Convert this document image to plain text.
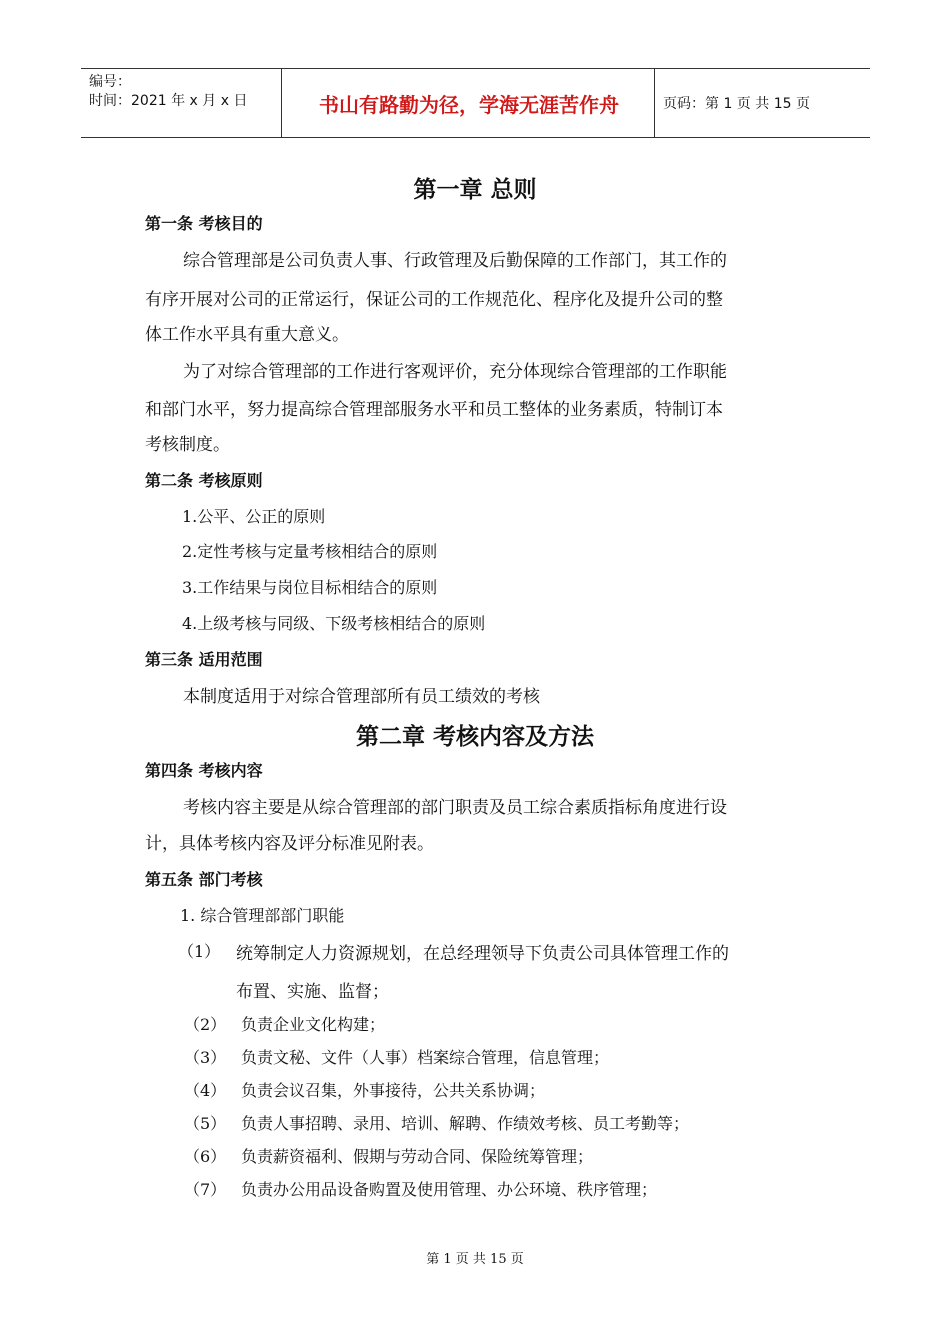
编号：
时间：2021 年 x 月 x 日	书山有路勤为径，学海无涯苦作舟	页码：第 1 页 共 15 页
第一章 总则
第一条 考核目的
综合管理部是公司负责人事、行政管理及后勤保障的工作部门，其工作的
有序开展对公司的正常运行，保证公司的工作规范化、程序化及提升公司的整
体工作水平具有重大意义。
为了对综合管理部的工作进行客观评价，充分体现综合管理部的工作职能
和部门水平，努力提高综合管理部服务水平和员工整体的业务素质，特制订本
考核制度。
第二条 考核原则
1.公平、公正的原则
2.定性考核与定量考核相结合的原则
3.工作结果与岗位目标相结合的原则
4.上级考核与同级、下级考核相结合的原则
第三条 适用范围
本制度适用于对综合管理部所有员工绩效的考核
第二章 考核内容及方法
第四条 考核内容
考核内容主要是从综合管理部的部门职责及员工综合素质指标角度进行设
计，具体考核内容及评分标准见附表。
第五条 部门考核
1. 综合管理部部门职能
（1） 统筹制定人力资源规划，在总经理领导下负责公司具体管理工作的
布置、实施、监督；
（2） 负责企业文化构建；
（3） 负责文秘、文件（人事）档案综合管理，信息管理；
（4） 负责会议召集，外事接待，公共关系协调；
（5） 负责人事招聘、录用、培训、解聘、作绩效考核、员工考勤等；
（6） 负责薪资福利、假期与劳动合同、保险统筹管理；
（7） 负责办公用品设备购置及使用管理、办公环境、秩序管理；
第 1 页 共 15 页
